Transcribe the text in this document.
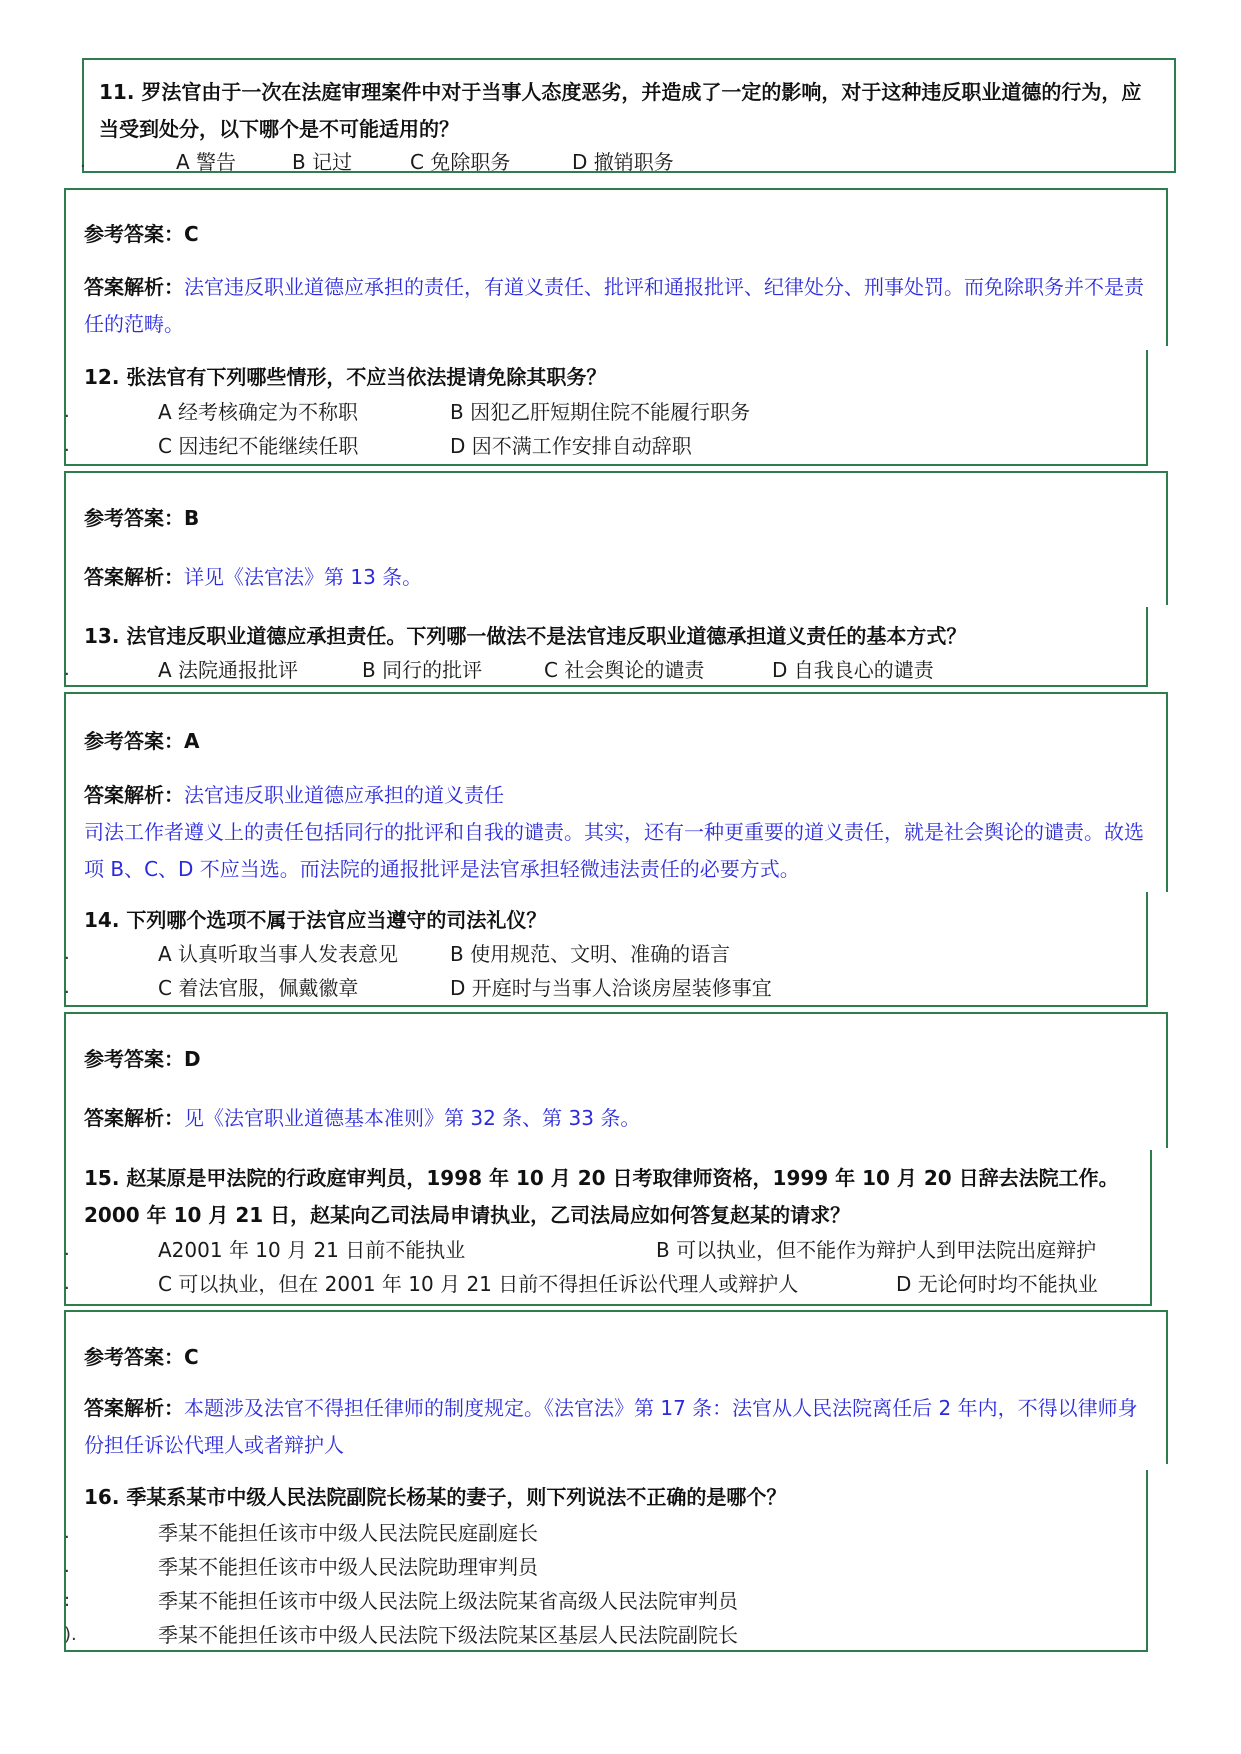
11. 罗法官由于一次在法庭审理案件中对于当事人态度恶劣，并造成了一定的影响，对于这种违反职业道德的行为，应当受到处分，以下哪个是不可能适用的？
.	A 警告	B 记过	C 免除职务	D 撤销职务
参考答案：C
答案解析：法官违反职业道德应承担的责任，有道义责任、批评和通报批评、纪律处分、刑事处罚。而免除职务并不是责任的范畴。
12. 张法官有下列哪些情形，不应当依法提请免除其职务？
.
.
A 经考核确定为不称职	B 因犯乙肝短期住院不能履行职务
C 因违纪不能继续任职	D 因不满工作安排自动辞职
参考答案：B
答案解析：详见《法官法》第 13 条。
13. 法官违反职业道德应承担责任。下列哪一做法不是法官违反职业道德承担道义责任的基本方式？
.	A 法院通报批评	B 同行的批评	C 社会舆论的谴责	D 自我良心的谴责
参考答案：A
答案解析：法官违反职业道德应承担的道义责任
司法工作者遵义上的责任包括同行的批评和自我的谴责。其实，还有一种更重要的道义责任，就是社会舆论的谴责。故选项 B、C、D 不应当选。而法院的通报批评是法官承担轻微违法责任的必要方式。
14. 下列哪个选项不属于法官应当遵守的司法礼仪？
.
.
A 认真听取当事人发表意见	B 使用规范、文明、准确的语言
C 着法官服，佩戴徽章	D 开庭时与当事人洽谈房屋装修事宜
参考答案：D
答案解析：见《法官职业道德基本准则》第 32 条、第 33 条。
15. 赵某原是甲法院的行政庭审判员，1998 年 10 月 20 日考取律师资格，1999 年 10 月 20 日辞去法院工作。2000 年 10 月 21 日，赵某向乙司法局申请执业，乙司法局应如何答复赵某的请求？
.
.
A2001 年 10 月 21 日前不能执业	B 可以执业，但不能作为辩护人到甲法院出庭辩护
C 可以执业，但在 2001 年 10 月 21 日前不得担任诉讼代理人或辩护人	D 无论何时均不能执业
参考答案：C
答案解析：本题涉及法官不得担任律师的制度规定。《法官法》第 17 条：法官从人民法院离任后 2 年内，不得以律师身份担任诉讼代理人或者辩护人
16. 季某系某市中级人民法院副院长杨某的妻子，则下列说法不正确的是哪个？
.
.
:
).
季某不能担任该市中级人民法院民庭副庭长
季某不能担任该市中级人民法院助理审判员
季某不能担任该市中级人民法院上级法院某省高级人民法院审判员
季某不能担任该市中级人民法院下级法院某区基层人民法院副院长
